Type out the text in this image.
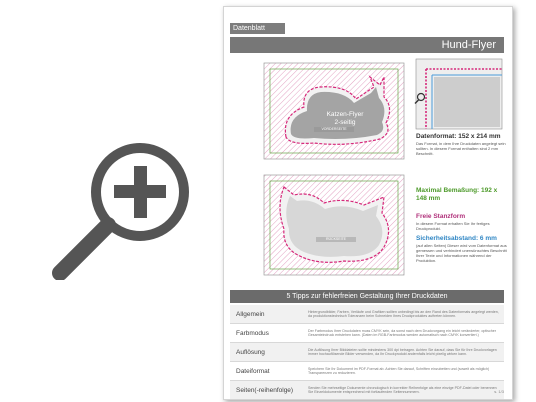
Datenblatt
Hund-Flyer
Katzen-Flyer
2-seitig
VORDERSEITE
RÜCKSEITE
Datenformat: 152 x 214 mm
Das Format, in dem Ihre Druckdaten angelegt sein sollten. In diesem Format enthalten sind 2 mm Beschnitt.
Maximal Bemaßung: 192 x 148 mm
Freie Stanzform
In diesem Format erhalten Sie Ihr fertiges Druckprodukt.
Sicherheitsabstand: 6 mm
(auf allen Seiten) Dieser wird vom Datenformat aus gemessen und verhindert unerwünschtes Beschnitt Ihrer Texte und Informationen während der Produktion.
5 Tipps zur fehlerfreien Gestaltung Ihrer Druckdaten
Allgemein	Hintergrundbilder, Farben, Verläufe und Grafiken sollten unbedingt bis an den Rand des Datenformats angelegt werden, da produktionstechnisch Toleranzen beim Schneiden Ihres Druckproduktes auftreten können.
Farbmodus	Der Farbmodus Ihrer Druckdaten muss CMYK sein, da sonst nach dem Druckvorgang ein leicht veränderter, optischer Gesamteindruck entstehen kann. (Daten im RGB-Farbmodus werden automatisch nach CMYK konvertiert.)
Auflösung	Die Auflösung Ihrer Bilddateien sollte mindestens 300 dpi betragen. Achten Sie darauf, dass Sie für Ihre Druckvorlagen immer hochauflösende Bilder verwenden, da Ihr Druckprodukt andernfalls leicht pixelig wirken kann.
Dateiformat	Speichern Sie Ihr Dokument im PDF-Format ab. Achten Sie darauf, Schriften einzubetten und (soweit als möglich) Transparenzen zu reduzieren.
Seiten(-reihenfolge)	Senden Sie mehrseitige Dokumente chronologisch in korrekter Reihenfolge als eine einzige PDF-Datei oder benennen Sie Einzeldokumente entsprechend mit fortlaufenden Seitennummern.	s. 1/3
